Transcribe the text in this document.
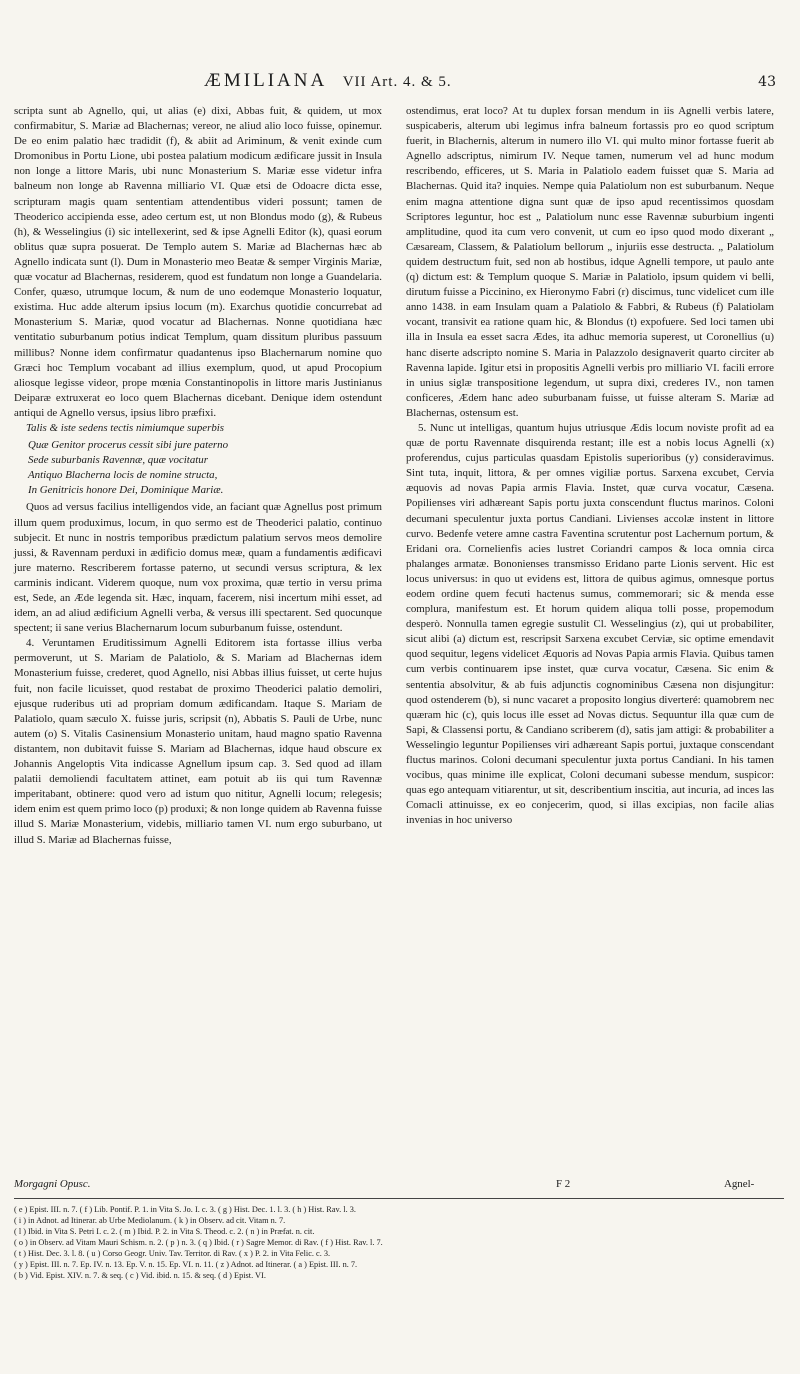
ÆMILIANA VII Art. 4. & 5.	43

scripta sunt ab Agnello, qui, ut alias (e) dixi, Abbas fuit, & quidem, ut mox confirmabitur, S. Mariæ ad Blachernas; vereor, ne aliud alio loco fuisse, opinemur. De eo enim palatio hæc tradidit (f), & abiit ad Ariminum, & venit exinde cum Dromonibus in Portu Lione, ubi postea palatium modicum ædificare jussit in Insula non longe a littore Maris, ubi nunc Monasterium S. Mariæ esse videtur infra balneum non longe ab Ravenna milliario VI. Quæ etsi de Odoacre dicta esse, scripturam magis quam sententiam attendentibus videri possunt; tamen de Theoderico accipienda esse, adeo certum est, ut non Blondus modo (g), & Rubeus (h), & Wesselingius (i) sic intellexerint, sed & ipse Agnelli Editor (k), quasi eorum oblitus quæ supra posuerat. De Templo autem S. Mariæ ad Blachernas hæc ab Agnello indicata sunt (l). Dum in Monasterio meo Beatæ & semper Virginis Mariæ, quæ vocatur ad Blachernas, residerem, quod est fundatum non longe a Guandelaria. Confer, quæso, utrumque locum, & num de uno eodemque Monasterio loquatur, existima. Huc adde alterum ipsius locum (m). Exarchus quotidie concurrebat ad Monasterium S. Mariæ, quod vocatur ad Blachernas. Nonne quotidiana hæc ventitatio suburbanum potius indicat Templum, quam dissitum pluribus passuum millibus? Nonne idem confirmatur quadantenus ipso Blachernarum nomine quo Græci hoc Templum vocabant ad illius exemplum, quod, ut apud Procopium aliosque legisse videor, prope mœnia Constantinopolis in littore maris Justinianus Deiparæ extruxerat eo loco quem Blachernas dicebant. Denique idem ostendunt antiqui de Agnello versus, ipsius libro præfixi.

Talis & iste sedens tectis nimiumque superbis

Quæ Genitor procerus cessit sibi jure paterno
Sede suburbanis Ravennæ, quæ vocitatur
Antiquo Blacherna locis de nomine structa,
In Genitricis honore Dei, Dominique Mariæ.

Quos ad versus facilius intelligendos vide, an faciant quæ Agnellus post primum illum quem produximus, locum, in quo sermo est de Theoderici palatio, continuo subjecit. Et nunc in nostris temporibus prædictum palatium servos meos demolire jussi, & Ravennam perduxi in ædificio domus meæ, quam a fundamentis ædificavi jure materno. Rescriberem fortasse paterno, ut secundi versus scriptura, & lex carminis indicant. Viderem quoque, num vox proxima, quæ tertio in versu prima est, Sede, an Æde legenda sit. Hæc, inquam, facerem, nisi incertum mihi esset, ad idem, an ad aliud ædificium Agnelli verba, & versus illi spectarent. Sed quocunque spectent; ii sane verius Blachernarum locum suburbanum fuisse, ostendunt.

4. Veruntamen Eruditissimum Agnelli Editorem ista fortasse illius verba permoverunt, ut S. Mariam de Palatiolo, & S. Mariam ad Blachernas idem Monasterium fuisse, crederet, quod Agnello, nisi Abbas illius fuisset, ut certe hujus fuit, non facile licuisset, quod restabat de proximo Theoderici palatio demoliri, ejusque ruderibus uti ad propriam domum ædificandam. Itaque S. Mariam de Palatiolo, quam sæculo X. fuisse juris, scripsit (n), Abbatis S. Pauli de Urbe, nunc autem (o) S. Vitalis Casinensium Monasterio unitam, haud magno spatio Ravenna distantem, non dubitavit fuisse S. Mariam ad Blachernas, idque haud obscure ex Johannis Angeloptis Vita indicasse Agnellum ipsum cap. 3. Sed quod ad illam palatii demoliendi facultatem attinet, eam potuit ab iis qui tum Ravennæ imperitabant, obtinere: quod vero ad istum quo nititur, Agnelli locum; relegesis; idem enim est quem primo loco (p) produxi; & non longe quidem ab Ravenna fuisse illud S. Mariæ Monasterium, videbis, milliario tamen VI. num ergo suburbano, ut illud S. Mariæ ad Blachernas fuisse,

ostendimus, erat loco? At tu duplex forsan mendum in iis Agnelli verbis latere, suspicaberis, alterum ubi legimus infra balneum fortassis pro eo quod scriptum fuerit, in Blachernis, alterum in numero illo VI. qui multo minor fortasse fuerit ab Agnello adscriptus, nimirum IV. Neque tamen, numerum vel ad hunc modum rescribendo, efficeres, ut S. Maria in Palatiolo eadem fuisset quæ S. Maria ad Blachernas. Quid ita? inquies. Nempe quia Palatiolum non est suburbanum. Neque enim magna attentione digna sunt quæ de ipso apud recentissimos quosdam Scriptores leguntur, hoc est „ Palatiolum nunc esse Ravennæ suburbium ingenti amplitudine, quod ita cum vero convenit, ut cum eo ipso quod modo dixerant „ Cæsaream, Classem, & Palatiolum bellorum „ injuriis esse destructa. „ Palatiolum quidem destructum fuit, sed non ab hostibus, idque Agnelli tempore, ut paulo ante (q) dictum est: & Templum quoque S. Mariæ in Palatiolo, ipsum quidem vi belli, dirutum fuisse a Piccinino, ex Hieronymo Fabri (r) discimus, tunc videlicet cum ille anno 1438. in eam Insulam quam a Palatiolo & Fabbri, & Rubeus (f) Palatiolam vocant, transivit ea ratione quam hic, & Blondus (t) expofuere. Sed loci tamen ubi illa in Insula ea esset sacra Ædes, ita adhuc memoria superest, ut Coronellius (u) hanc diserte adscripto nomine S. Maria in Palazzolo designaverit quarto circiter ab Ravenna lapide. Igitur etsi in propositis Agnelli verbis pro milliario VI. facili errore in unius siglæ transpositione legendum, ut supra dixi, crederes IV., non tamen conficeres, Ædem hanc adeo suburbanam fuisse, ut fuisse alteram S. Mariæ ad Blachernas, ostensum est.

5. Nunc ut intelligas, quantum hujus utriusque Ædis locum noviste profit ad ea quæ de portu Ravennate disquirenda restant; ille est a nobis locus Agnelli (x) proferendus, cujus particulas quasdam Epistolis superioribus (y) consideravimus. Sint tuta, inquit, littora, & per omnes vigiliæ portus. Sarxena excubet, Cervia æquovis ad novas Papia armis Flavia. Instet, quæ curva vocatur, Cæsena. Popilienses viri adhæreant Sapis portu juxta conscendunt fluctus marinos. Coloni decumani speculentur juxta portus Candiani. Livienses accolæ instent in littore curvo. Bedenfe vetere amne castra Faventina scrutentur post Lachernum portum, & Eridani ora. Cornelienfis acies lustret Coriandri campos & loca omnia circa phalanges armatæ. Bononienses transmisso Eridano parte Lionis servent. Hic est locus universus: in quo ut evidens est, littora de quibus agimus, omnesque portus eodem ordine quem fecuti hactenus sumus, commemorari; sic & menda esse complura, manifestum est. Et horum quidem aliqua tolli posse, propemodum desperò. Nonnulla tamen egregie sustulit Cl. Wesselingius (z), qui ut probabiliter, sicut alibi (a) dictum est, rescripsit Sarxena excubet Cerviæ, sic optime emendavit quod sequitur, legens videlicet Æquoris ad Novas Papia armis Flavia. Quibus tamen cum verbis continuarem ipse instet, quæ curva vocatur, Cæsena. Sic enim & sententia absolvitur, & ab fuis adjunctis cognominibus Cæsena non disjungitur: quod ostenderem (b), si nunc vacaret a proposito longius diverteré: quamobrem nec quæram hic (c), quis locus ille esset ad Novas dictus. Sequuntur illa quæ cum de Sapi, & Classensi portu, & Candiano scriberem (d), satis jam attigi: & probabiliter a Wesselingio leguntur Popilienses viri adhæreant Sapis portui, juxtaque conscendant fluctus marinos. Coloni decumani speculentur juxta portus Candiani. In his tamen vocibus, quas minime ille explicat, Coloni decumani subesse mendum, suspicor: quas ego antequam vitiarentur, ut sit, describentium inscitia, aut incuria, ad inces las Comacli attinuisse, ex eo conjecerim, quod, si illas excipias, non facile alias invenias in hoc universo

Morgagni Opusc.	F 2	Agnel-
( e ) Epist. III. n. 7. ( f ) Lib. Pontif. P. 1. in Vita S. Jo. I. c. 3. ( g ) Hist. Dec. 1. l. 3. ( h ) Hist. Rav. l. 3.
( i ) in Adnot. ad Itinerar. ab Urbe Mediolanum. ( k ) in Observ. ad cit. Vitam n. 7.
( l ) Ibid. in Vita S. Petri I. c. 2. ( m ) Ibid. P. 2. in Vita S. Theod. c. 2. ( n ) in Præfat. n. cit.
( o ) in Observ. ad Vitam Mauri Schism. n. 2. ( p ) n. 3. ( q ) Ibid. ( r ) Sagre Memor. di Rav. ( f ) Hist. Rav. l. 7.
( t ) Hist. Dec. 3. l. 8. ( u ) Corso Geogr. Univ. Tav. Territor. di Rav. ( x ) P. 2. in Vita Felic. c. 3.
( y ) Epist. III. n. 7. Ep. IV. n. 13. Ep. V. n. 15. Ep. VI. n. 11. ( z ) Adnot. ad Itinerar. ( a ) Epist. III. n. 7.
( b ) Vid. Epist. XIV. n. 7. & seq. ( c ) Vid. ibid. n. 15. & seq. ( d ) Epist. VI.
